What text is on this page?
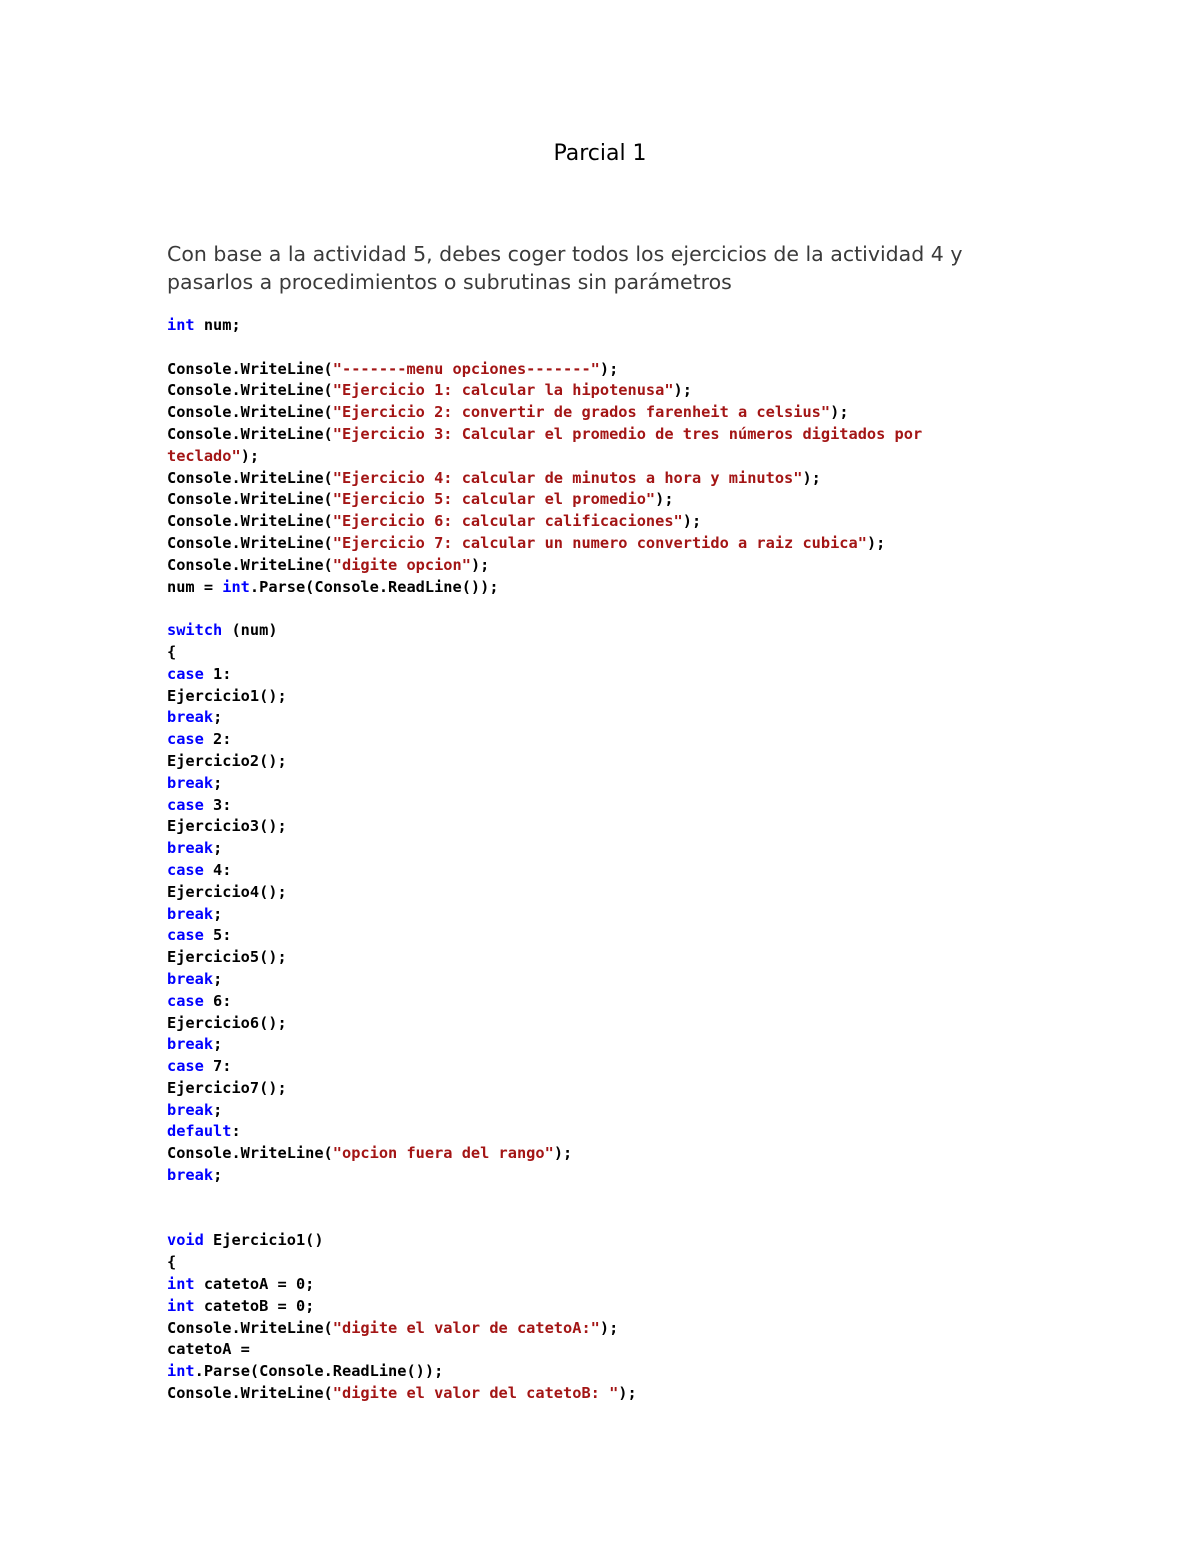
Parcial 1

Con base a la actividad 5, debes coger todos los ejercicios de la actividad 4 y pasarlos a procedimientos o subrutinas sin parámetros

int num;
Console.WriteLine("-------menu opciones-------");
Console.WriteLine("Ejercicio 1: calcular la hipotenusa");
Console.WriteLine("Ejercicio 2: convertir de grados farenheit a celsius");
Console.WriteLine("Ejercicio 3: Calcular el promedio de tres números digitados por
teclado");
Console.WriteLine("Ejercicio 4: calcular de minutos a hora y minutos");
Console.WriteLine("Ejercicio 5: calcular el promedio");
Console.WriteLine("Ejercicio 6: calcular calificaciones");
Console.WriteLine("Ejercicio 7: calcular un numero convertido a raiz cubica");
Console.WriteLine("digite opcion");
num = int.Parse(Console.ReadLine());
switch (num)
{
case 1:
Ejercicio1();
break;
case 2:
Ejercicio2();
break;
case 3:
Ejercicio3();
break;
case 4:
Ejercicio4();
break;
case 5:
Ejercicio5();
break;
case 6:
Ejercicio6();
break;
case 7:
Ejercicio7();
break;
default:
Console.WriteLine("opcion fuera del rango");
break;
void Ejercicio1()
{
int catetoA = 0;
int catetoB = 0;
Console.WriteLine("digite el valor de catetoA:");
catetoA =
int.Parse(Console.ReadLine());
Console.WriteLine("digite el valor del catetoB: ");
